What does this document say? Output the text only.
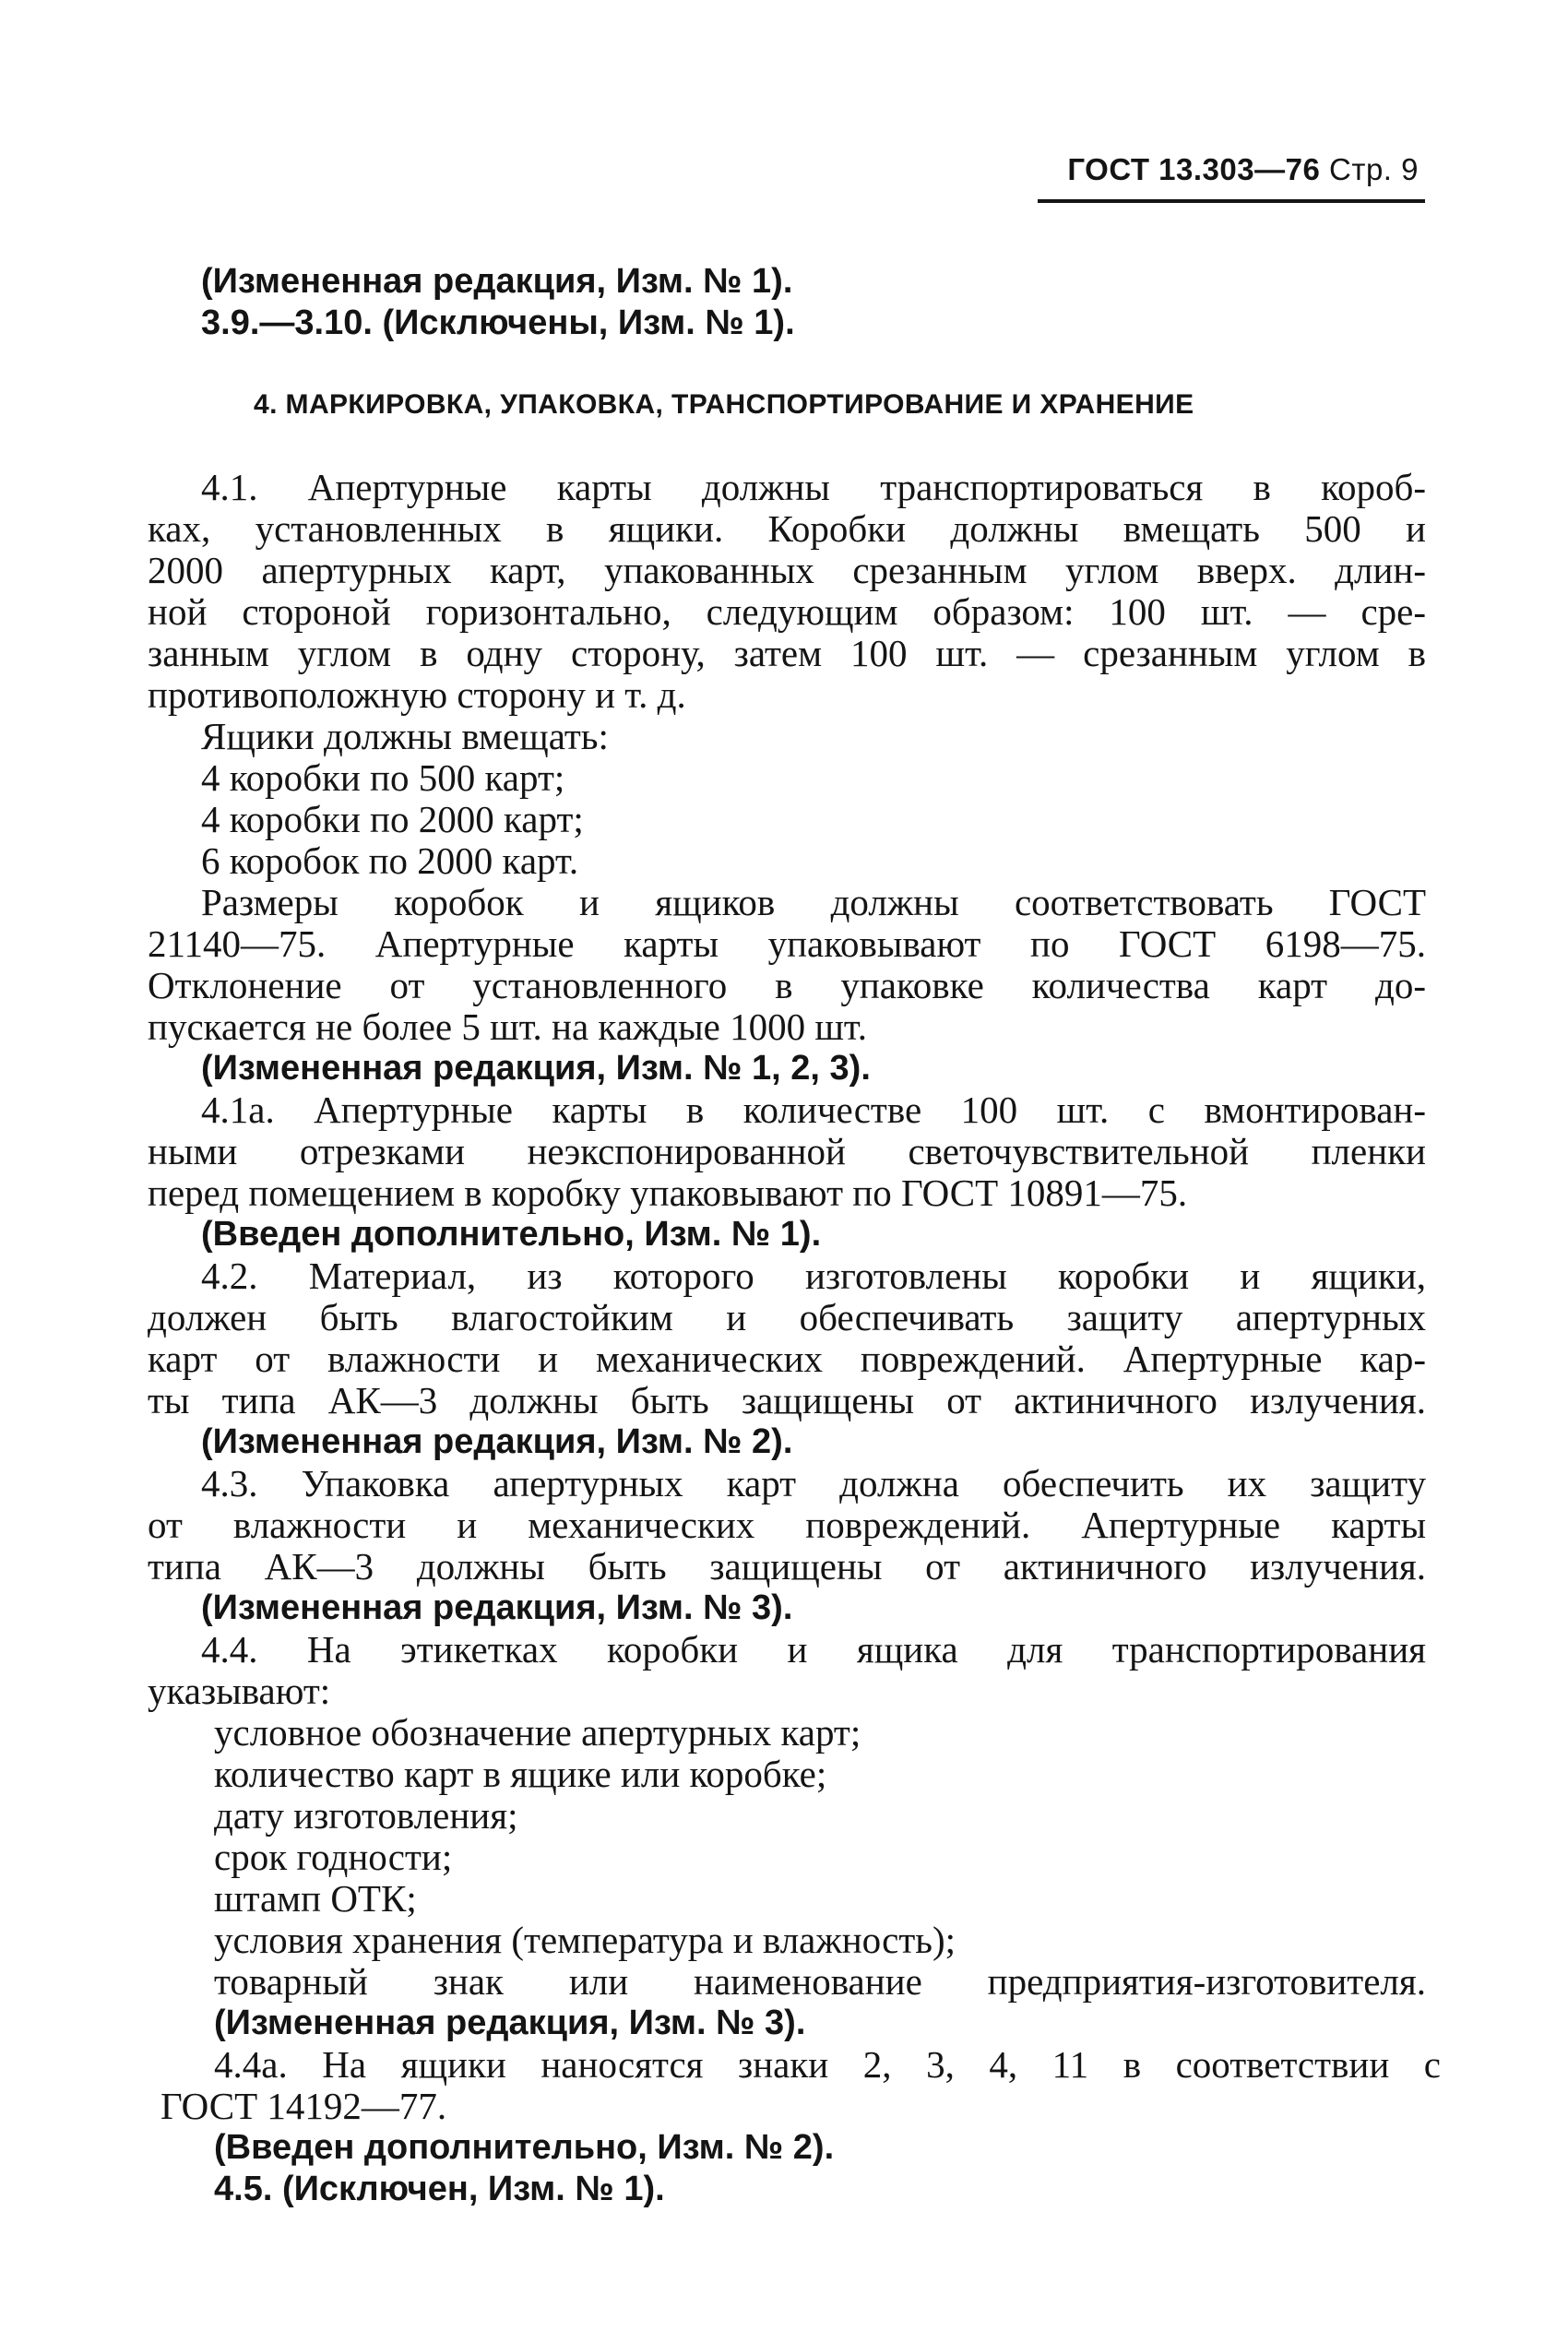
ГОСТ 13.303—76 Стр. 9
(Измененная редакция, Изм. № 1).
3.9.—3.10. (Исключены, Изм. № 1).
4. МАРКИРОВКА, УПАКОВКА, ТРАНСПОРТИРОВАНИЕ И ХРАНЕНИЕ
4.1. Апертурные карты должны транспортироваться в короб-
ках, установленных в ящики. Коробки должны вмещать 500 и
2000 апертурных карт, упакованных срезанным углом вверх. длин-
ной стороной горизонтально, следующим образом: 100 шт. — сре-
занным углом в одну сторону, затем 100 шт. — срезанным углом в
противоположную сторону и т. д.
Ящики должны вмещать:
4 коробки по 500 карт;
4 коробки по 2000 карт;
6 коробок по 2000 карт.
Размеры коробок и ящиков должны соответствовать ГОСТ
21140—75. Апертурные карты упаковывают по ГОСТ 6198—75.
Отклонение от установленного в упаковке количества карт до-
пускается не более 5 шт. на каждые 1000 шт.
(Измененная редакция, Изм. № 1, 2, 3).
4.1а. Апертурные карты в количестве 100 шт. с вмонтирован-
ными отрезками неэкспонированной светочувствительной пленки
перед помещением в коробку упаковывают по ГОСТ 10891—75.
(Введен дополнительно, Изм. № 1).
4.2. Материал, из которого изготовлены коробки и ящики,
должен быть влагостойким и обеспечивать защиту апертурных
карт от влажности и механических повреждений. Апертурные кар-
ты типа АК—3 должны быть защищены от актиничного излучения.
(Измененная редакция, Изм. № 2).
4.3. Упаковка апертурных карт должна обеспечить их защиту
от влажности и механических повреждений. Апертурные карты
типа АК—3 должны быть защищены от актиничного излучения.
(Измененная редакция, Изм. № 3).
4.4. На этикетках коробки и ящика для транспортирования
указывают:
условное обозначение апертурных карт;
количество карт в ящике или коробке;
дату изготовления;
срок годности;
штамп ОТК;
условия хранения (температура и влажность);
товарный знак или наименование предприятия-изготовителя.
(Измененная редакция, Изм. № 3).
4.4а. На ящики наносятся знаки 2, 3, 4, 11 в соответствии с
ГОСТ 14192—77.
(Введен дополнительно, Изм. № 2).
4.5. (Исключен, Изм. № 1).
